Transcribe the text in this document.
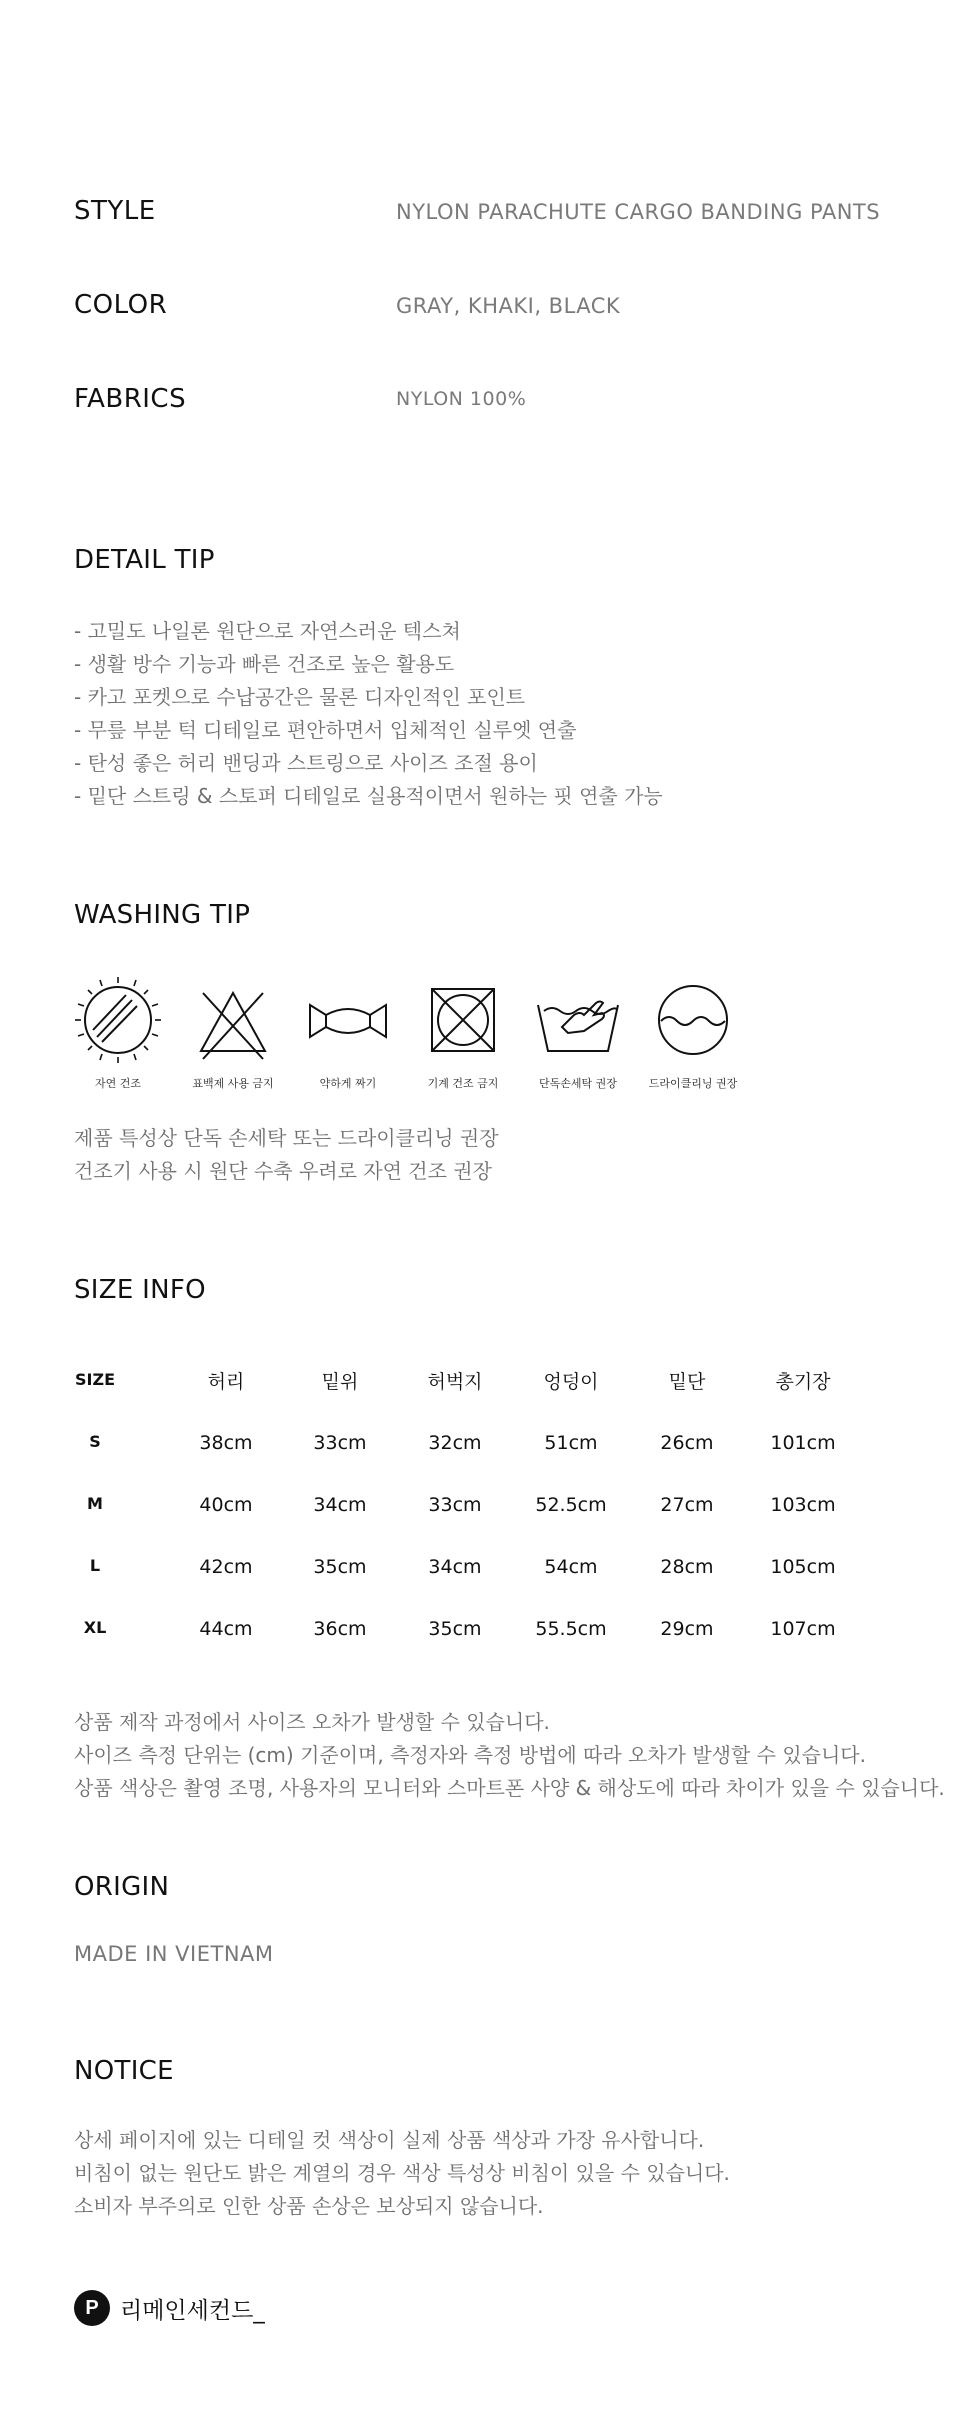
STYLE	NYLON PARACHUTE CARGO BANDING PANTS
COLOR	GRAY, KHAKI, BLACK
FABRICS	NYLON 100%
DETAIL TIP
- 고밀도 나일론 원단으로 자연스러운 텍스쳐
- 생활 방수 기능과 빠른 건조로 높은 활용도
- 카고 포켓으로 수납공간은 물론 디자인적인 포인트
- 무릎 부분 턱 디테일로 편안하면서 입체적인 실루엣 연출
- 탄성 좋은 허리 밴딩과 스트링으로 사이즈 조절 용이
- 밑단 스트링 & 스토퍼 디테일로 실용적이면서 원하는 핏 연출 가능
WASHING TIP
자연 건조	표백제 사용 금지	약하게 짜기	기계 건조 금지	단독손세탁 권장	드라이클리닝 권장
제품 특성상 단독 손세탁 또는 드라이클리닝 권장
건조기 사용 시 원단 수축 우려로 자연 건조 권장
SIZE INFO
SIZE	허리	밑위	허벅지	엉덩이	밑단	총기장
S	38cm	33cm	32cm	51cm	26cm	101cm
M	40cm	34cm	33cm	52.5cm	27cm	103cm
L	42cm	35cm	34cm	54cm	28cm	105cm
XL	44cm	36cm	35cm	55.5cm	29cm	107cm
상품 제작 과정에서 사이즈 오차가 발생할 수 있습니다.
사이즈 측정 단위는 (cm) 기준이며, 측정자와 측정 방법에 따라 오차가 발생할 수 있습니다.
상품 색상은 촬영 조명, 사용자의 모니터와 스마트폰 사양 & 해상도에 따라 차이가 있을 수 있습니다.
ORIGIN
MADE IN VIETNAM
NOTICE
상세 페이지에 있는 디테일 컷 색상이 실제 상품 색상과 가장 유사합니다.
비침이 없는 원단도 밝은 계열의 경우 색상 특성상 비침이 있을 수 있습니다.
소비자 부주의로 인한 상품 손상은 보상되지 않습니다.
P 리메인세컨드_
